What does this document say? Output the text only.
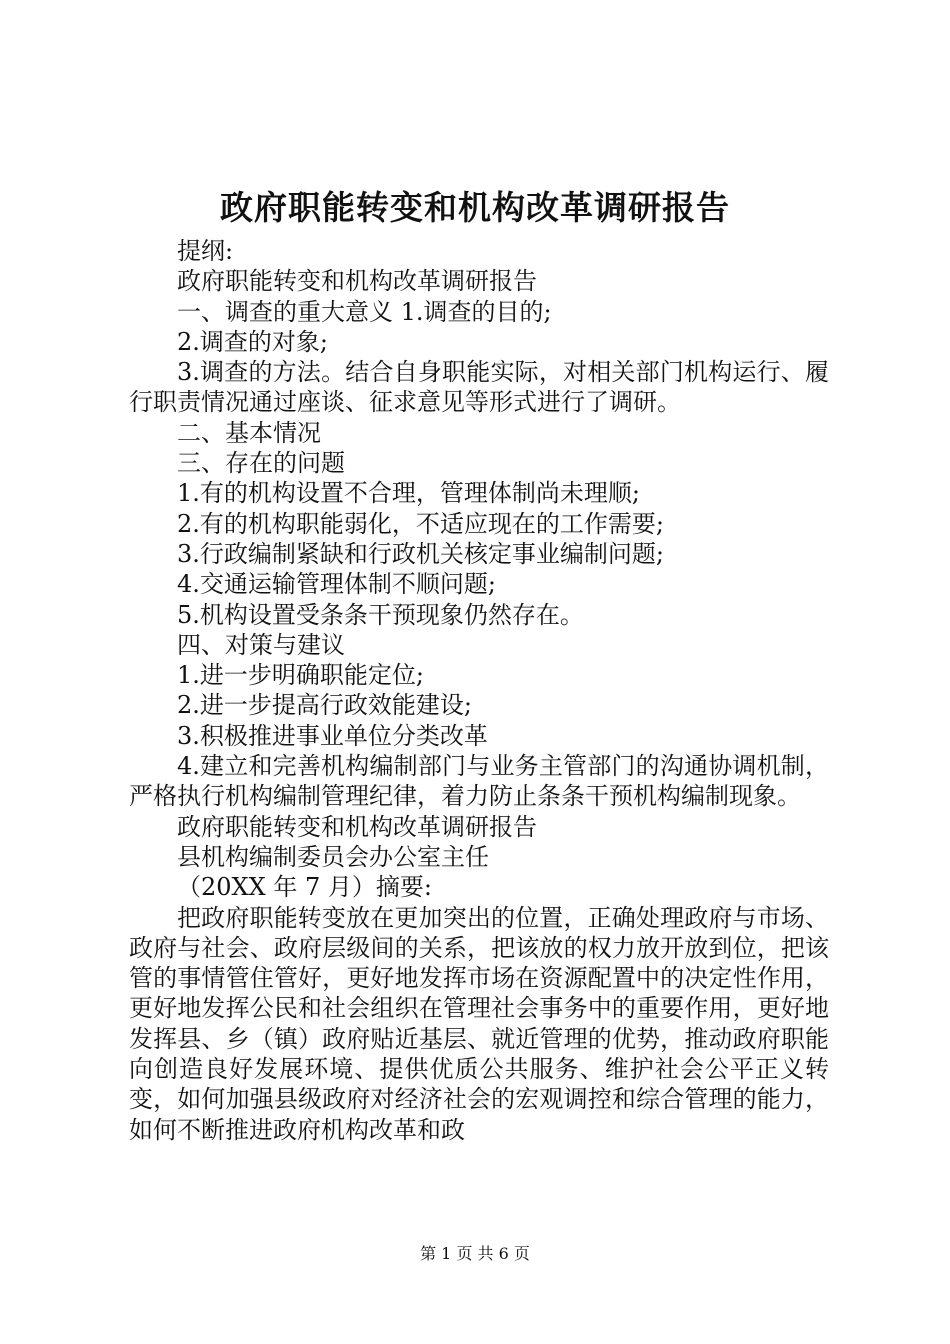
政府职能转变和机构改革调研报告

提纲:

政府职能转变和机构改革调研报告

一、调查的重大意义 1.调查的目的;

2.调查的对象;

3.调查的方法。结合自身职能实际，对相关部门机构运行、履行职责情况通过座谈、征求意见等形式进行了调研。

二、基本情况

三、存在的问题

1.有的机构设置不合理，管理体制尚未理顺;

2.有的机构职能弱化，不适应现在的工作需要;

3.行政编制紧缺和行政机关核定事业编制问题;

4.交通运输管理体制不顺问题;

5.机构设置受条条干预现象仍然存在。

四、对策与建议

1.进一步明确职能定位;

2.进一步提高行政效能建设;

3.积极推进事业单位分类改革

4.建立和完善机构编制部门与业务主管部门的沟通协调机制，严格执行机构编制管理纪律，着力防止条条干预机构编制现象。

政府职能转变和机构改革调研报告

县机构编制委员会办公室主任

（20XX 年 7 月）摘要:

把政府职能转变放在更加突出的位置，正确处理政府与市场、政府与社会、政府层级间的关系，把该放的权力放开放到位，把该管的事情管住管好，更好地发挥市场在资源配置中的决定性作用，更好地发挥公民和社会组织在管理社会事务中的重要作用，更好地发挥县、乡（镇）政府贴近基层、就近管理的优势，推动政府职能向创造良好发展环境、提供优质公共服务、维护社会公平正义转变，如何加强县级政府对经济社会的宏观调控和综合管理的能力，如何不断推进政府机构改革和政

第 1 页 共 6 页
